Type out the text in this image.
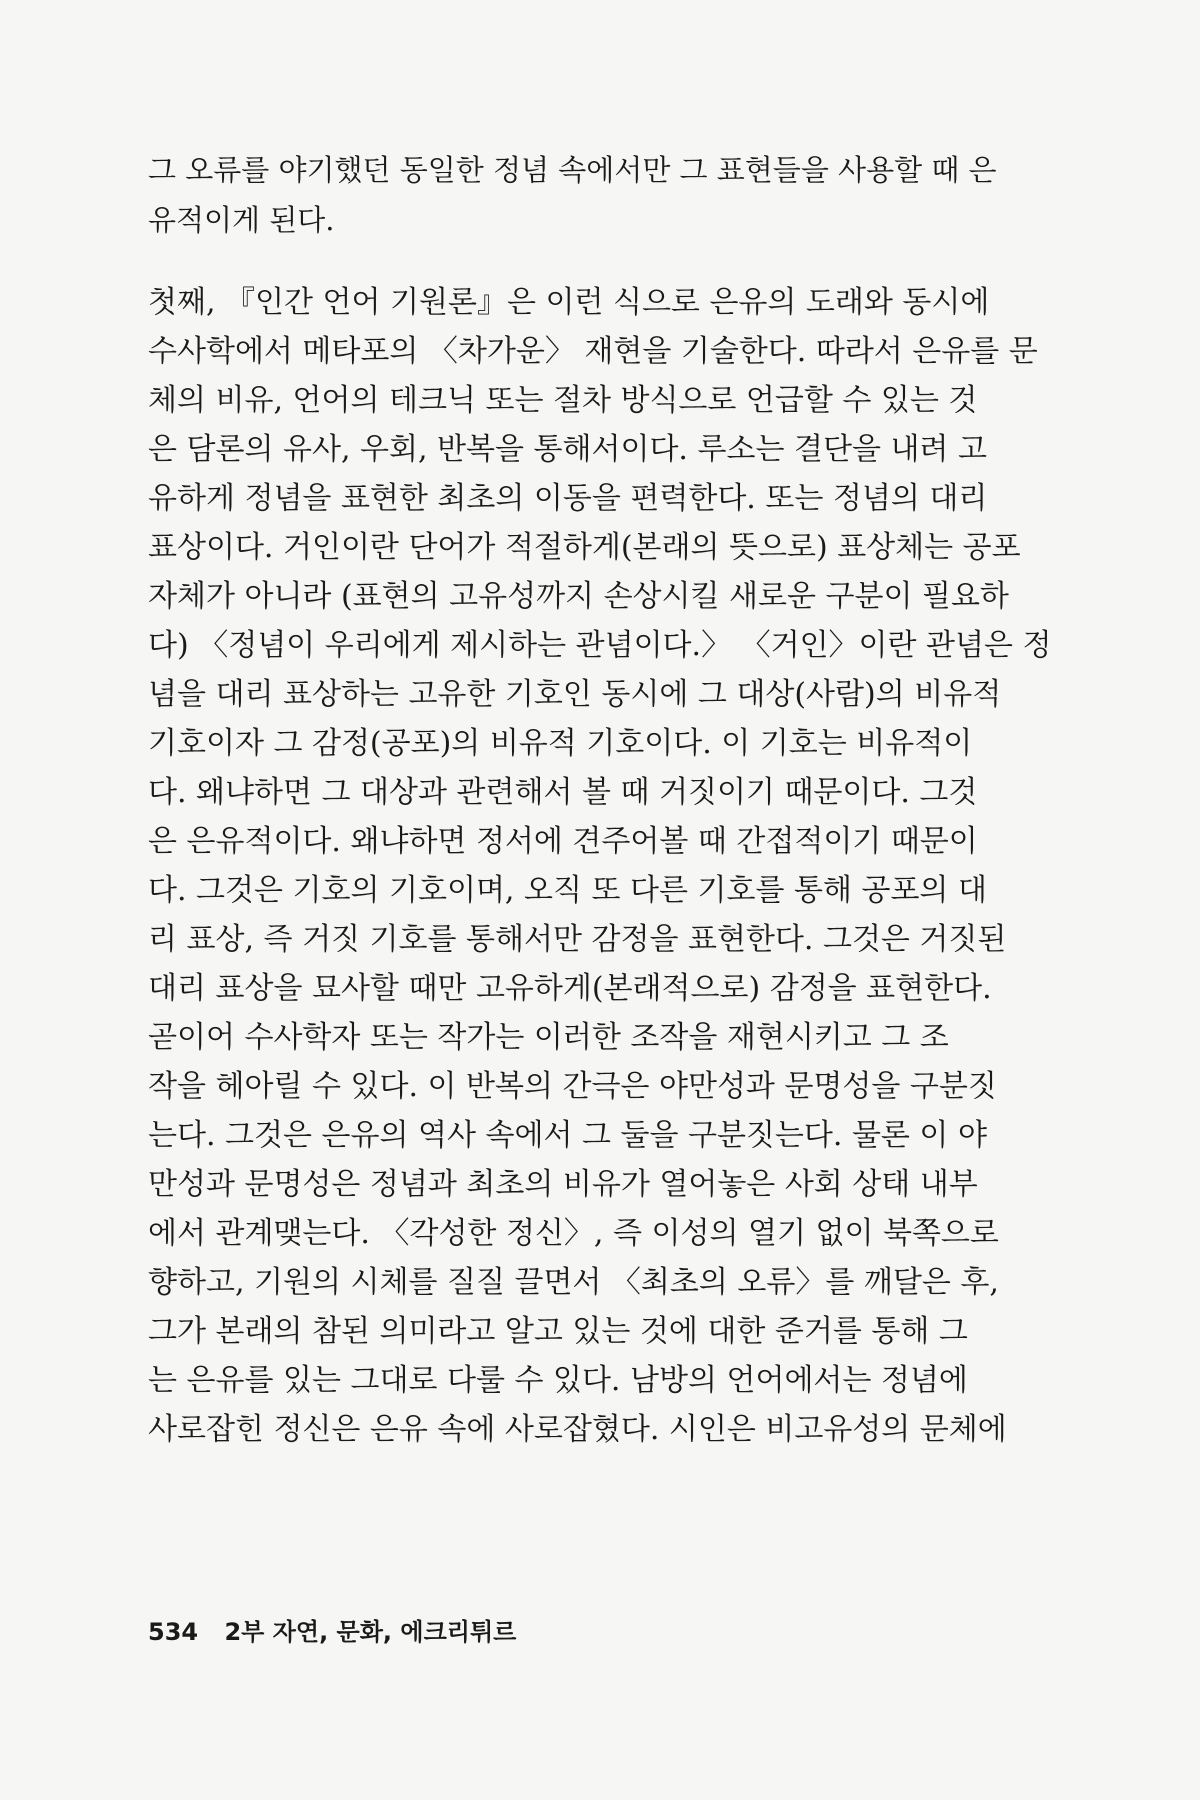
그 오류를 야기했던 동일한 정념 속에서만 그 표현들을 사용할 때 은
유적이게 된다.
첫째, 『인간 언어 기원론』은 이런 식으로 은유의 도래와 동시에
수사학에서 메타포의 〈차가운〉 재현을 기술한다. 따라서 은유를 문
체의 비유, 언어의 테크닉 또는 절차 방식으로 언급할 수 있는 것
은 담론의 유사, 우회, 반복을 통해서이다. 루소는 결단을 내려 고
유하게 정념을 표현한 최초의 이동을 편력한다. 또는 정념의 대리
표상이다. 거인이란 단어가 적절하게(본래의 뜻으로) 표상체는 공포
자체가 아니라 (표현의 고유성까지 손상시킬 새로운 구분이 필요하
다) 〈정념이 우리에게 제시하는 관념이다.〉 〈거인〉이란 관념은 정
념을 대리 표상하는 고유한 기호인 동시에 그 대상(사람)의 비유적
기호이자 그 감정(공포)의 비유적 기호이다. 이 기호는 비유적이
다. 왜냐하면 그 대상과 관련해서 볼 때 거짓이기 때문이다. 그것
은 은유적이다. 왜냐하면 정서에 견주어볼 때 간접적이기 때문이
다. 그것은 기호의 기호이며, 오직 또 다른 기호를 통해 공포의 대
리 표상, 즉 거짓 기호를 통해서만 감정을 표현한다. 그것은 거짓된
대리 표상을 묘사할 때만 고유하게(본래적으로) 감정을 표현한다.
곧이어 수사학자 또는 작가는 이러한 조작을 재현시키고 그 조
작을 헤아릴 수 있다. 이 반복의 간극은 야만성과 문명성을 구분짓
는다. 그것은 은유의 역사 속에서 그 둘을 구분짓는다. 물론 이 야
만성과 문명성은 정념과 최초의 비유가 열어놓은 사회 상태 내부
에서 관계맺는다. 〈각성한 정신〉, 즉 이성의 열기 없이 북쪽으로
향하고, 기원의 시체를 질질 끌면서 〈최초의 오류〉를 깨달은 후,
그가 본래의 참된 의미라고 알고 있는 것에 대한 준거를 통해 그
는 은유를 있는 그대로 다룰 수 있다. 남방의 언어에서는 정념에
사로잡힌 정신은 은유 속에 사로잡혔다. 시인은 비고유성의 문체에
534 2부 자연, 문화, 에크리튀르
